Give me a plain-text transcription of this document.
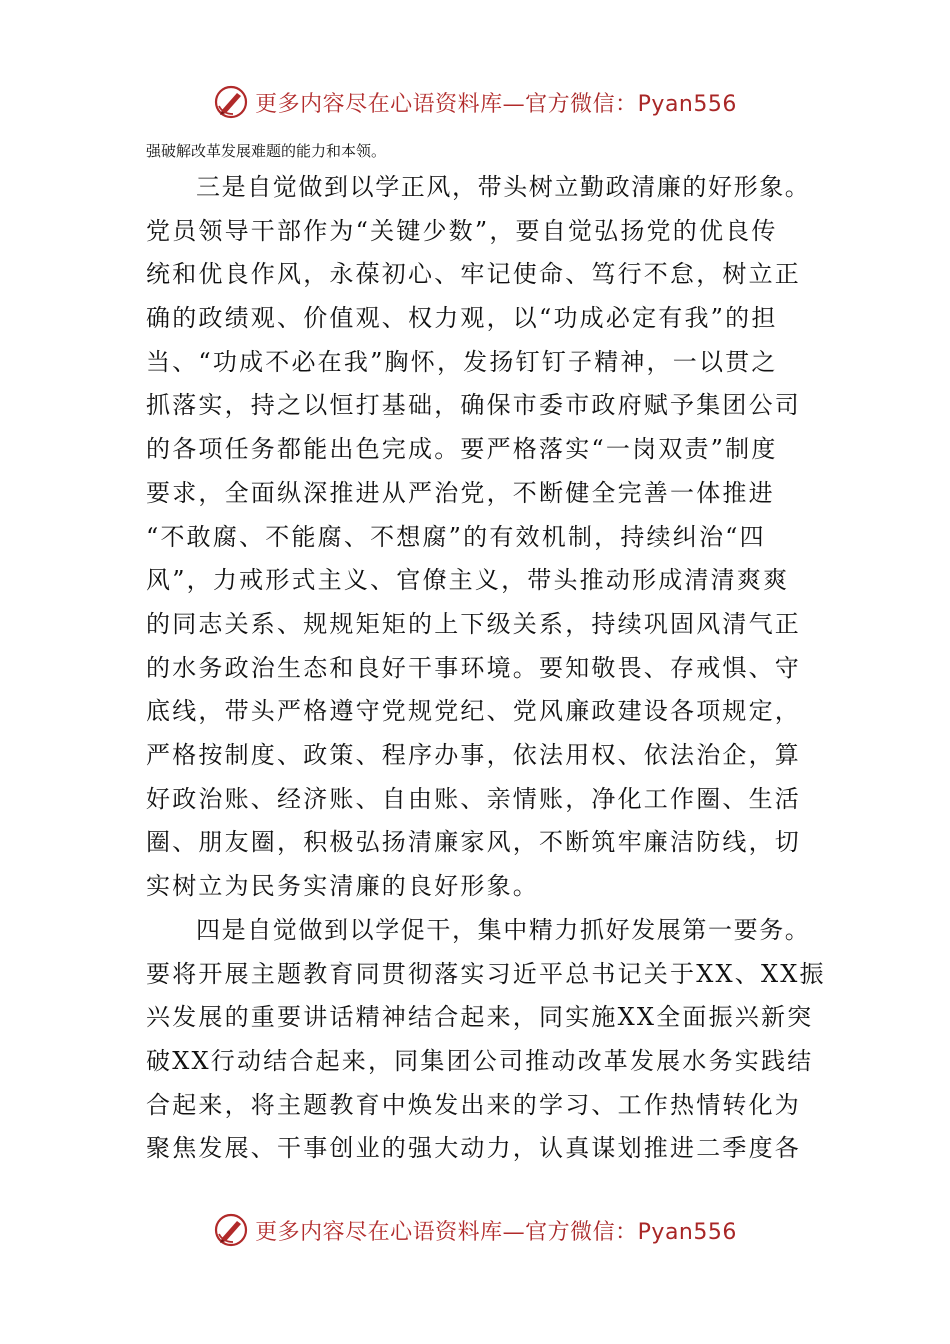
更多内容尽在心语资料库—官方微信：Pyan556
强破解改革发展难题的能力和本领。
三是自觉做到以学正风，带头树立勤政清廉的好形象。
党员领导干部作为“关键少数”，要自觉弘扬党的优良传
统和优良作风，永葆初心、牢记使命、笃行不怠，树立正
确的政绩观、价值观、权力观，以“功成必定有我”的担
当、“功成不必在我”胸怀，发扬钉钉子精神，一以贯之
抓落实，持之以恒打基础，确保市委市政府赋予集团公司
的各项任务都能出色完成。要严格落实“一岗双责”制度
要求，全面纵深推进从严治党，不断健全完善一体推进
“不敢腐、不能腐、不想腐”的有效机制，持续纠治“四
风”，力戒形式主义、官僚主义，带头推动形成清清爽爽
的同志关系、规规矩矩的上下级关系，持续巩固风清气正
的水务政治生态和良好干事环境。要知敬畏、存戒惧、守
底线，带头严格遵守党规党纪、党风廉政建设各项规定，
严格按制度、政策、程序办事，依法用权、依法治企，算
好政治账、经济账、自由账、亲情账，净化工作圈、生活
圈、朋友圈，积极弘扬清廉家风，不断筑牢廉洁防线，切
实树立为民务实清廉的良好形象。
四是自觉做到以学促干，集中精力抓好发展第一要务。
要将开展主题教育同贯彻落实习近平总书记关于XX、XX振
兴发展的重要讲话精神结合起来，同实施XX全面振兴新突
破XX行动结合起来，同集团公司推动改革发展水务实践结
合起来，将主题教育中焕发出来的学习、工作热情转化为
聚焦发展、干事创业的强大动力，认真谋划推进二季度各
更多内容尽在心语资料库—官方微信：Pyan556
